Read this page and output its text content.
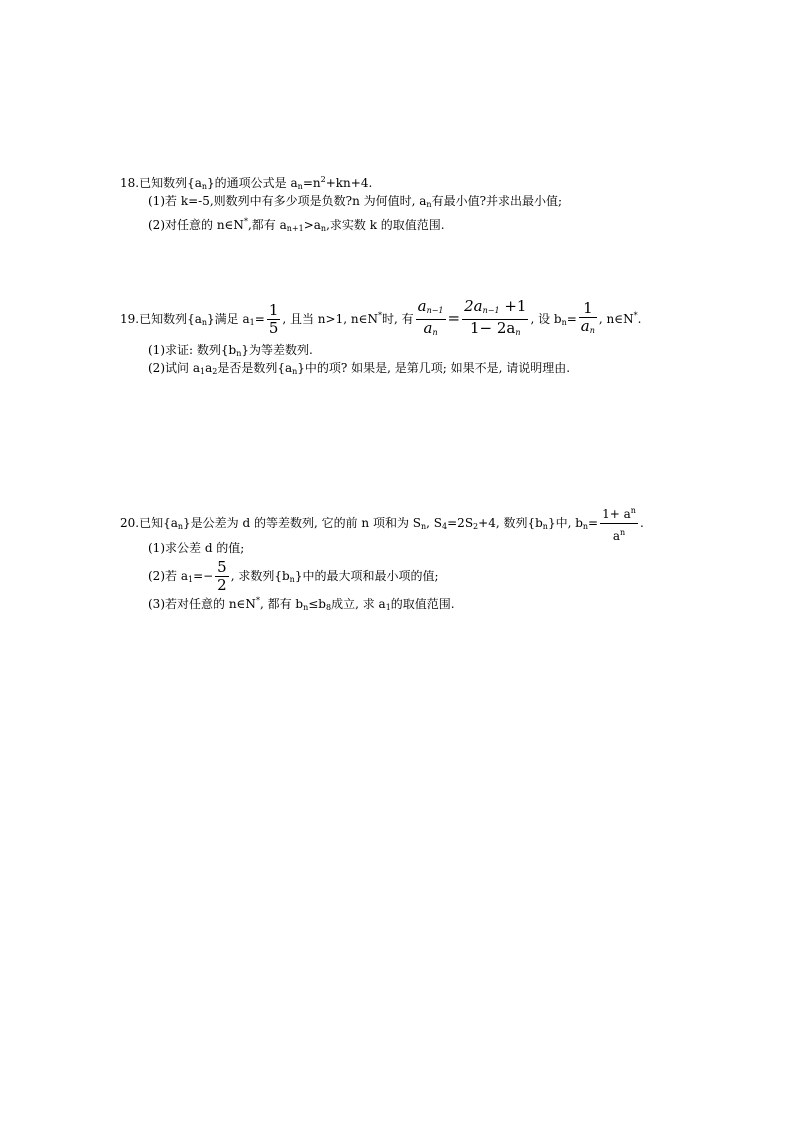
18.已知数列$\{a_n\}$的通项公式是 $a_n=n^2+kn+4$.
(1)若 k=-5,则数列中有多少项是负数?n 为何值时, $a_n$有最小值?并求出最小值;
(2)对任意的 n∈N*,都有 $a_{n+1}>a_n$,求实数 k 的取值范围.
19.已知数列$\{a_n\}$满足 $a_1= \frac{1}{5}$ , 且当 n>1, n∈N*时, 有 $\frac{a_{n-1}}{a_n} = \frac{2a_{n-1} +1}{1- 2a_n}$ , 设 $b_n= \frac{1}{a_n}$ , n∈N*.
(1)求证: 数列$\{b_n\}$为等差数列.
(2)试问 $a_1a_2$是否是数列$\{a_n\}$中的项? 如果是, 是第几项; 如果不是, 请说明理由.
20.已知$\{a_n\}$是公差为 d 的等差数列, 它的前 n 项和为 $S_n$, $S_4=2S_2+4$, 数列$\{b_n\}$中, $b_n= \frac{1+ a^n}{a^n}$ .
(1)求公差 d 的值;
(2)若 $a_1=- \frac{5}{2}$ , 求数列$\{b_n\}$中的最大项和最小项的值;
(3)若对任意的 n∈N*, 都有 $b_n\le b_8$成立, 求 $a_1$的取值范围.
